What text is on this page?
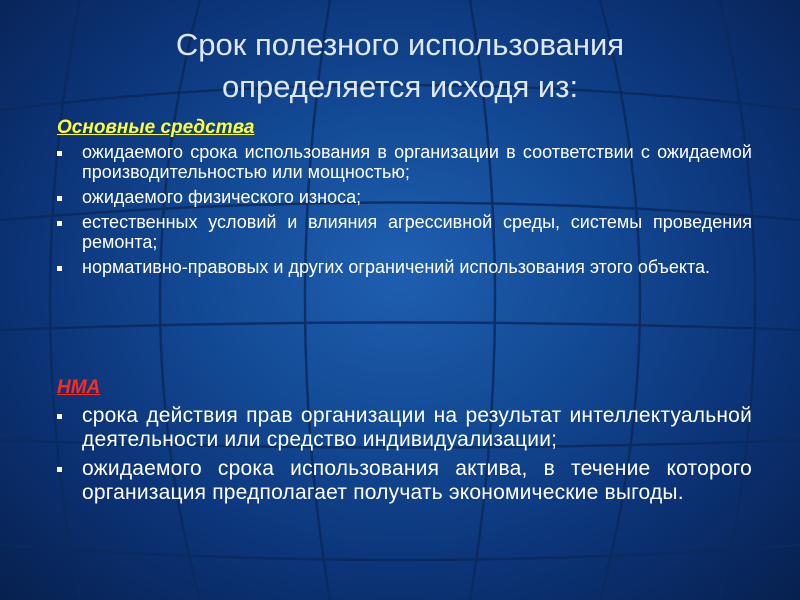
Срок полезного использования
определяется исходя из:
Основные средства
ожидаемого срока использования в организации в соответствии с ожидаемой производительностью или мощностью;
ожидаемого физического износа;
естественных условий и влияния агрессивной среды, системы проведения ремонта;
нормативно-правовых и других ограничений использования этого объекта.
НМА
срока действия прав организации на результат интеллектуальной деятельности или средство индивидуализации;
ожидаемого срока использования актива, в течение которого организация предполагает получать экономические выгоды.
